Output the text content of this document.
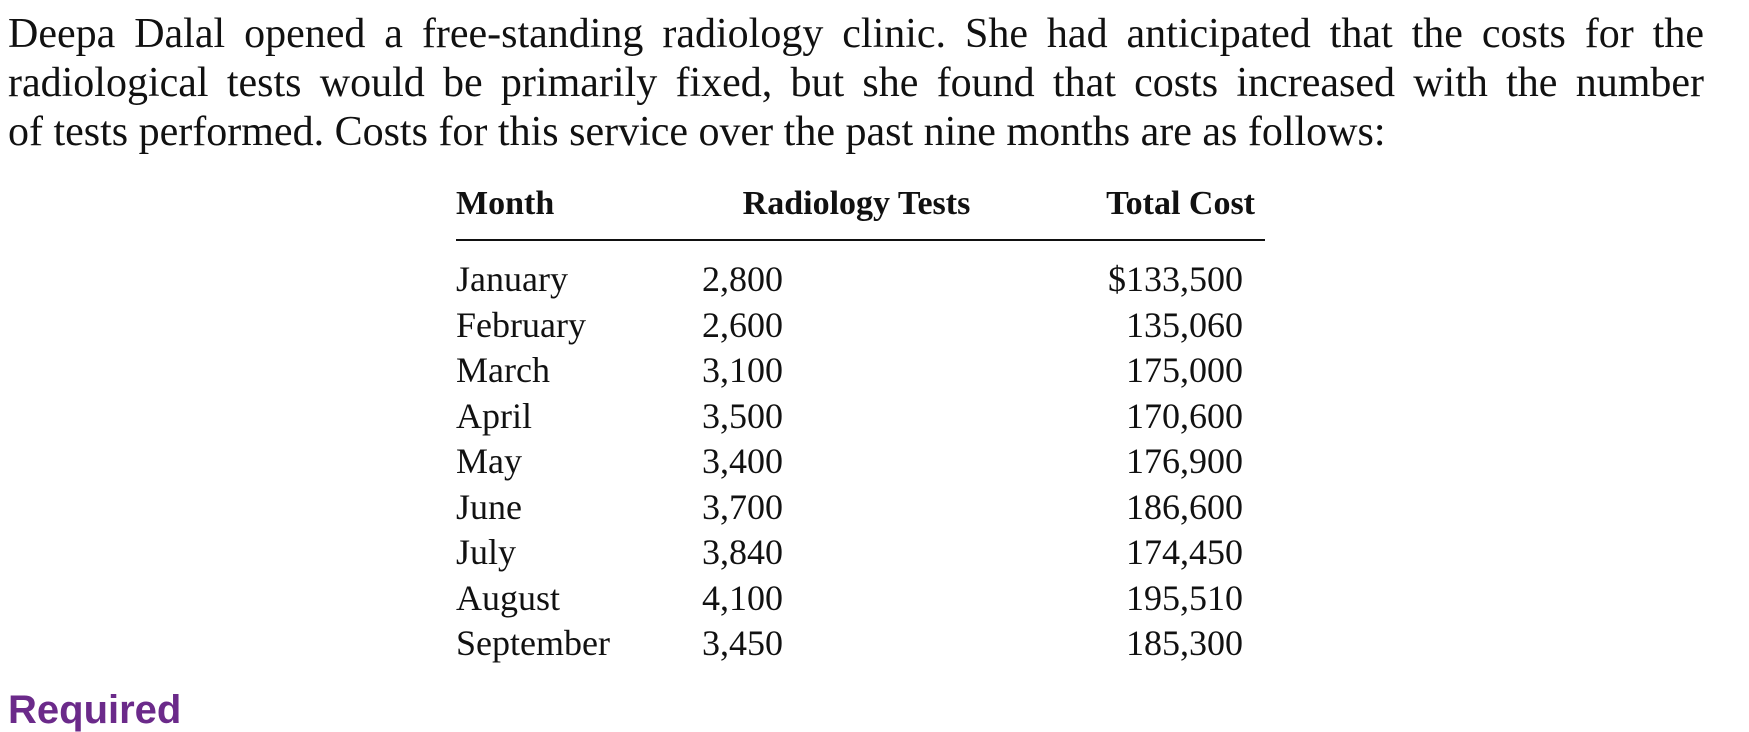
Deepa Dalal opened a free-standing radiology clinic. She had anticipated that the costs for the
radiological tests would be primarily fixed, but she found that costs increased with the number
of tests performed. Costs for this service over the past nine months are as follows:

Month	Radiology Tests	Total Cost
January	2,800	$133,500
February	2,600	135,060
March	3,100	175,000
April	3,500	170,600
May	3,400	176,900
June	3,700	186,600
July	3,840	174,450
August	4,100	195,510
September	3,450	185,300
Required
